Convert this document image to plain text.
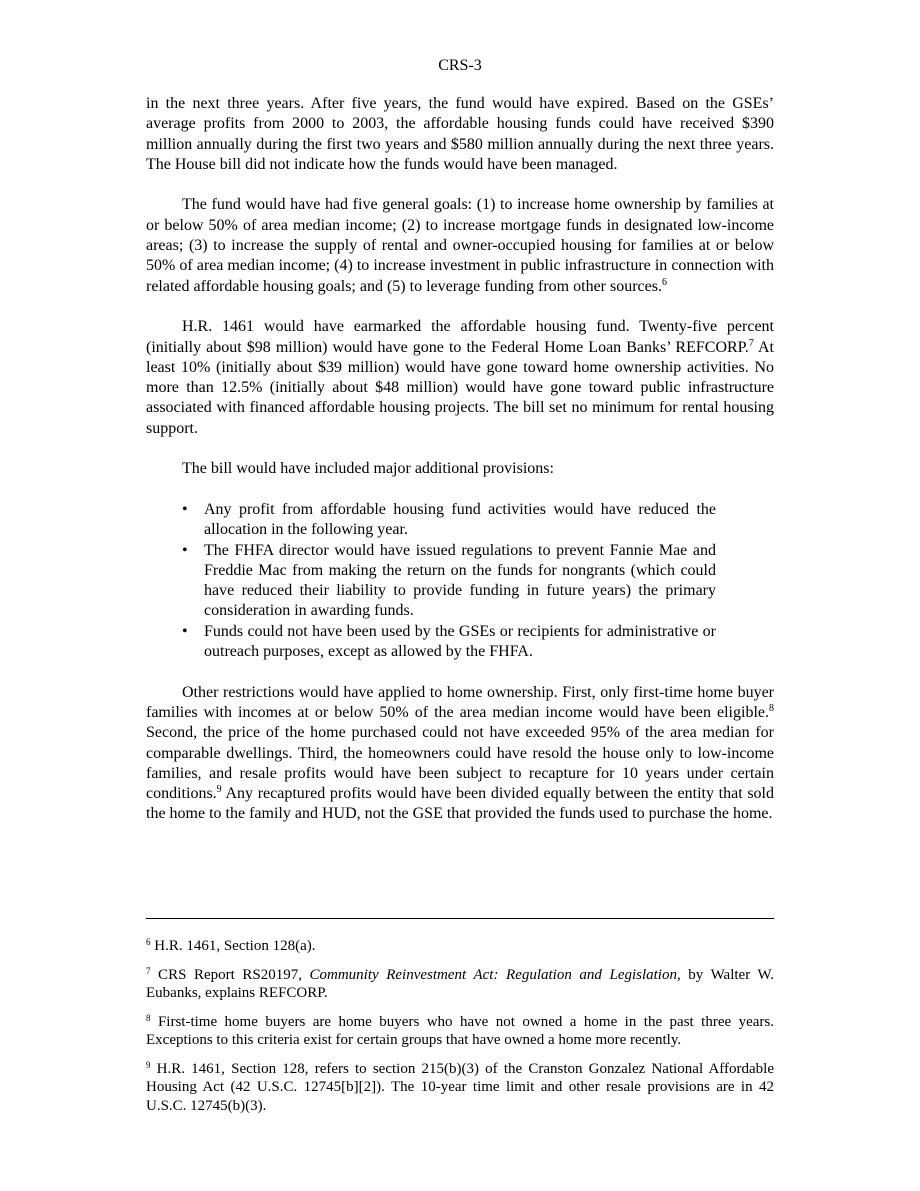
CRS-3

in the next three years. After five years, the fund would have expired. Based on the GSEs’ average profits from 2000 to 2003, the affordable housing funds could have received $390 million annually during the first two years and $580 million annually during the next three years. The House bill did not indicate how the funds would have been managed.

The fund would have had five general goals: (1) to increase home ownership by families at or below 50% of area median income; (2) to increase mortgage funds in designated low-income areas; (3) to increase the supply of rental and owner-occupied housing for families at or below 50% of area median income; (4) to increase investment in public infrastructure in connection with related affordable housing goals; and (5) to leverage funding from other sources.$^6$

H.R. 1461 would have earmarked the affordable housing fund. Twenty-five percent (initially about $98 million) would have gone to the Federal Home Loan Banks’ REFCORP.$^7$ At least 10% (initially about $39 million) would have gone toward home ownership activities. No more than 12.5% (initially about $48 million) would have gone toward public infrastructure associated with financed affordable housing projects. The bill set no minimum for rental housing support.

The bill would have included major additional provisions:

• Any profit from affordable housing fund activities would have reduced the allocation in the following year.
• The FHFA director would have issued regulations to prevent Fannie Mae and Freddie Mac from making the return on the funds for nongrants (which could have reduced their liability to provide funding in future years) the primary consideration in awarding funds.
• Funds could not have been used by the GSEs or recipients for administrative or outreach purposes, except as allowed by the FHFA.

Other restrictions would have applied to home ownership. First, only first-time home buyer families with incomes at or below 50% of the area median income would have been eligible.$^8$ Second, the price of the home purchased could not have exceeded 95% of the area median for comparable dwellings. Third, the homeowners could have resold the house only to low-income families, and resale profits would have been subject to recapture for 10 years under certain conditions.$^9$ Any recaptured profits would have been divided equally between the entity that sold the home to the family and HUD, not the GSE that provided the funds used to purchase the home.

$^6$ H.R. 1461, Section 128(a).

$^7$ CRS Report RS20197, Community Reinvestment Act: Regulation and Legislation, by Walter W. Eubanks, explains REFCORP.

$^8$ First-time home buyers are home buyers who have not owned a home in the past three years. Exceptions to this criteria exist for certain groups that have owned a home more recently.

$^9$ H.R. 1461, Section 128, refers to section 215(b)(3) of the Cranston Gonzalez National Affordable Housing Act (42 U.S.C. 12745[b][2]). The 10-year time limit and other resale provisions are in 42 U.S.C. 12745(b)(3).
